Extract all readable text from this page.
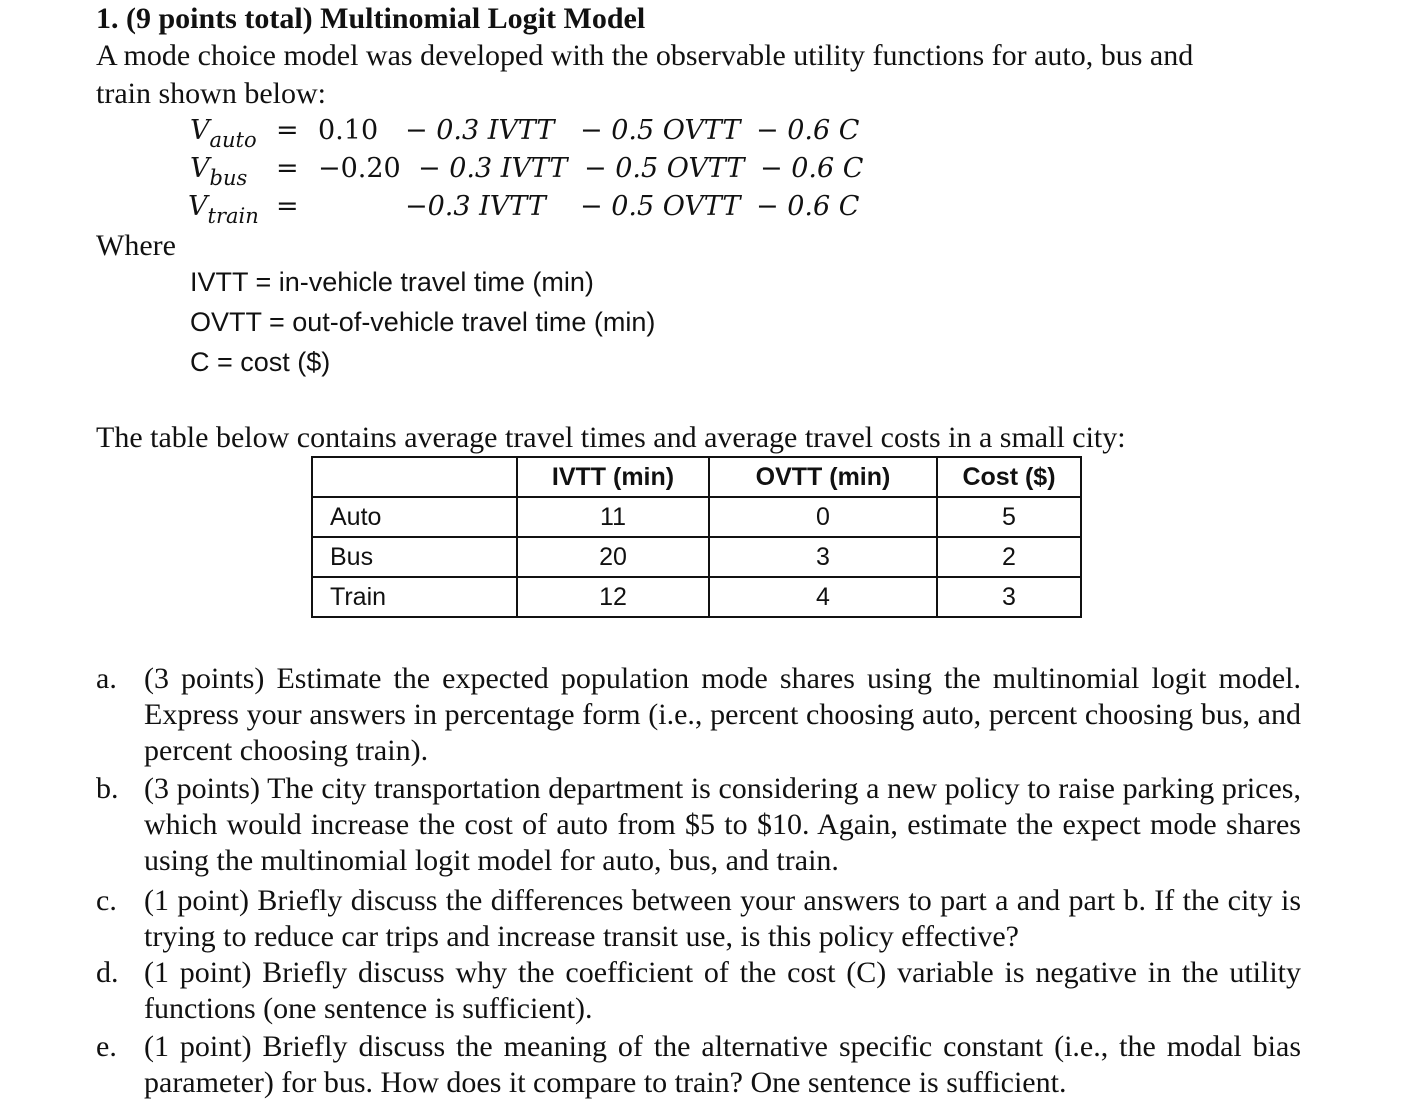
1. (9 points total) Multinomial Logit Model
A mode choice model was developed with the observable utility functions for auto, bus and
train shown below:
$V_{auto} = 0.10 - 0.3$ IVTT − 0.5 OVTT − 0.6 C
$V_{bus} = -0.20 - 0.3$ IVTT − 0.5 OVTT − 0.6 C
$V_{train}$ =	−0.3 IVTT − 0.5 OVTT − 0.6 C
Where
IVTT = in-vehicle travel time (min)
OVTT = out-of-vehicle travel time (min)
C = cost ($)
The table below contains average travel times and average travel costs in a small city:
	IVTT (min)	OVTT (min)	Cost ($)
Auto	11	0	5
Bus	20	3	2
Train	12	4	3
a. (3 points) Estimate the expected population mode shares using the multinomial logit model. Express your answers in percentage form (i.e., percent choosing auto, percent choosing bus, and percent choosing train).
b. (3 points) The city transportation department is considering a new policy to raise parking prices, which would increase the cost of auto from $5 to $10. Again, estimate the expect mode shares using the multinomial logit model for auto, bus, and train.
c. (1 point) Briefly discuss the differences between your answers to part a and part b. If the city is trying to reduce car trips and increase transit use, is this policy effective?
d. (1 point) Briefly discuss why the coefficient of the cost (C) variable is negative in the utility functions (one sentence is sufficient).
e. (1 point) Briefly discuss the meaning of the alternative specific constant (i.e., the modal bias parameter) for bus. How does it compare to train? One sentence is sufficient.
